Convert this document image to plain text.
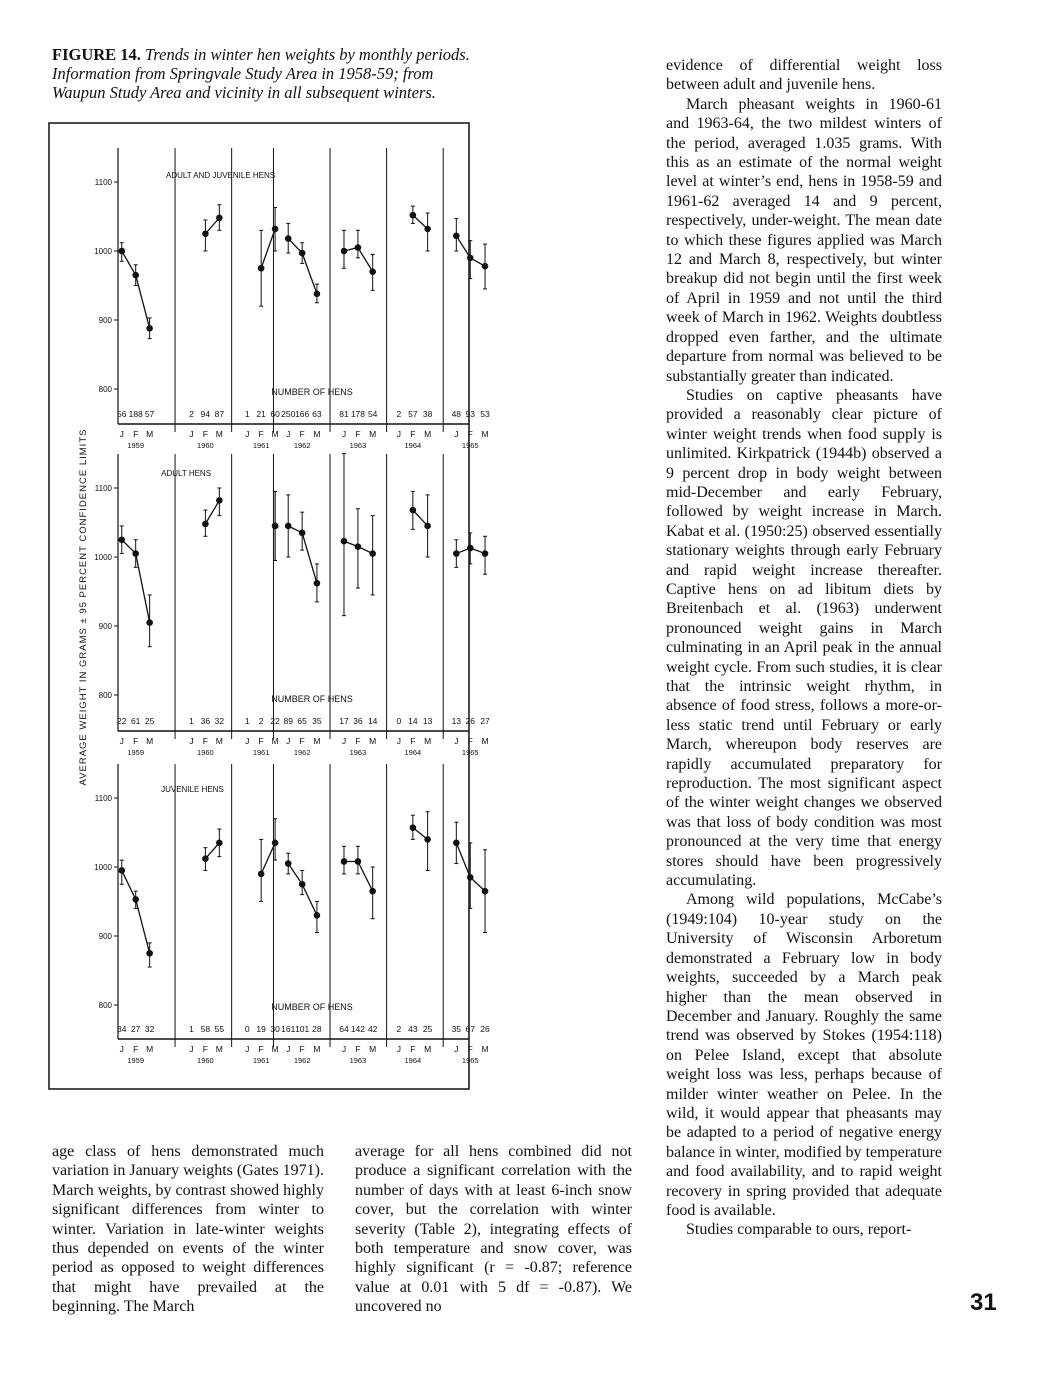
FIGURE 14. Trends in winter hen weights by monthly periods. Information from Springvale Study Area in 1958-59; from Waupun Study Area and vicinity in all subsequent winters.
AVERAGE WEIGHT IN GRAMS ± 95 PERCENT CONFIDENCE LIMITS
800
900
1000
1100
ADULT AND JUVENILE HENS
NUMBER OF HENS
56 188 57
J F M
1959
2 94 87
J F M
1960
1 21 60
J F M
1961
250 166 63
J F M
1962
81 178 54
J F M
1963
2 57 38
J F M
1964
48 93 53
J F M
1965
800
900
1000
1100
ADULT HENS
NUMBER OF HENS
22 61 25
J F M
1959
1 36 32
J F M
1960
1 2 22
J F M
1961
89 65 35
J F M
1962
17 36 14
J F M
1963
0 14 13
J F M
1964
13 26 27
J F M
1965
800
900
1000
1100
JUVENILE HENS
NUMBER OF HENS
34 27 32
J F M
1959
1 58 55
J F M
1960
0 19 30
J F M
1961
161 101 28
J F M
1962
64 142 42
J F M
1963
2 43 25
J F M
1964
35 67 26
J F M
1965

evidence of differential weight loss between adult and juvenile hens.

March pheasant weights in 1960-61 and 1963-64, the two mildest winters of the period, averaged 1.035 grams. With this as an estimate of the normal weight level at winter’s end, hens in 1958-59 and 1961-62 averaged 14 and 9 percent, respectively, under-weight. The mean date to which these figures applied was March 12 and March 8, respectively, but winter breakup did not begin until the first week of April in 1959 and not until the third week of March in 1962. Weights doubtless dropped even farther, and the ultimate departure from normal was believed to be substantially greater than indicated.

Studies on captive pheasants have provided a reasonably clear picture of winter weight trends when food supply is unlimited. Kirkpatrick (1944b) observed a 9 percent drop in body weight between mid-December and early February, followed by weight increase in March. Kabat et al. (1950:25) observed essentially stationary weights through early February and rapid weight increase thereafter. Captive hens on ad libitum diets by Breitenbach et al. (1963) underwent pronounced weight gains in March culminating in an April peak in the annual weight cycle. From such studies, it is clear that the intrinsic weight rhythm, in absence of food stress, follows a more-or-less static trend until February or early March, whereupon body reserves are rapidly accumulated preparatory for reproduction. The most significant aspect of the winter weight changes we observed was that loss of body condition was most pronounced at the very time that energy stores should have been progressively accumulating.

Among wild populations, McCabe’s (1949:104) 10-year study on the University of Wisconsin Arboretum demonstrated a February low in body weights, succeeded by a March peak higher than the mean observed in December and January. Roughly the same trend was observed by Stokes (1954:118) on Pelee Island, except that absolute weight loss was less, perhaps because of milder winter weather on Pelee. In the wild, it would appear that pheasants may be adapted to a period of negative energy balance in winter, modified by temperature and food availability, and to rapid weight recovery in spring provided that adequate food is available.

Studies comparable to ours, report-

age class of hens demonstrated much variation in January weights (Gates 1971). March weights, by contrast showed highly significant differences from winter to winter. Variation in late-winter weights thus depended on events of the winter period as opposed to weight differences that might have prevailed at the beginning. The March

average for all hens combined did not produce a significant correlation with the number of days with at least 6-inch snow cover, but the correlation with winter severity (Table 2), integrating effects of both temperature and snow cover, was highly significant (r = -0.87; reference value at 0.01 with 5 df = -0.87). We uncovered no	31
